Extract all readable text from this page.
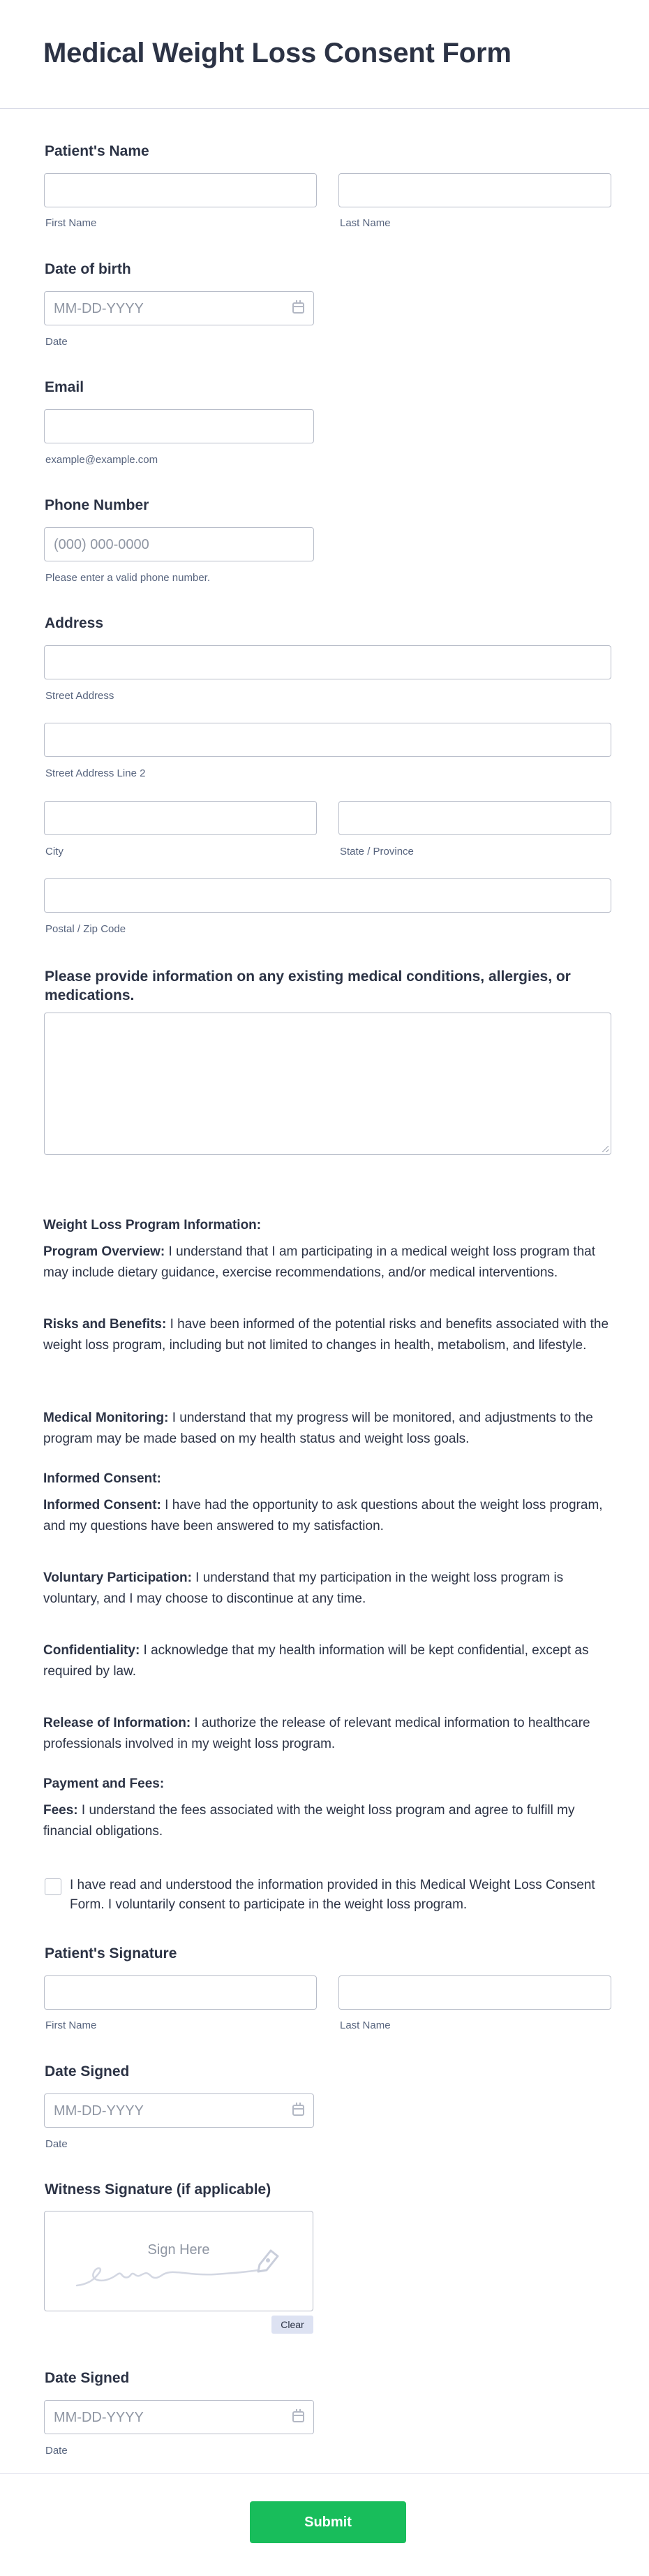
Medical Weight Loss Consent Form
Patient's Name
First Name	Last Name
Date of birth
MM-DD-YYYY
Date
Email
example@example.com
Phone Number
(000) 000-0000
Please enter a valid phone number.
Address
Street Address
Street Address Line 2
City	State / Province
Postal / Zip Code
Please provide information on any existing medical conditions, allergies, or medications.
Weight Loss Program Information:
Program Overview: I understand that I am participating in a medical weight loss program that may include dietary guidance, exercise recommendations, and/or medical interventions.
Risks and Benefits: I have been informed of the potential risks and benefits associated with the weight loss program, including but not limited to changes in health, metabolism, and lifestyle.
Medical Monitoring: I understand that my progress will be monitored, and adjustments to the program may be made based on my health status and weight loss goals.
Informed Consent:
Informed Consent: I have had the opportunity to ask questions about the weight loss program, and my questions have been answered to my satisfaction.
Voluntary Participation: I understand that my participation in the weight loss program is voluntary, and I may choose to discontinue at any time.
Confidentiality: I acknowledge that my health information will be kept confidential, except as required by law.
Release of Information: I authorize the release of relevant medical information to healthcare professionals involved in my weight loss program.
Payment and Fees:
Fees: I understand the fees associated with the weight loss program and agree to fulfill my financial obligations.
I have read and understood the information provided in this Medical Weight Loss Consent Form. I voluntarily consent to participate in the weight loss program.
Patient's Signature
First Name	Last Name
Date Signed
MM-DD-YYYY
Date
Witness Signature (if applicable)
Sign Here
Clear
Date Signed
MM-DD-YYYY
Date
Submit
